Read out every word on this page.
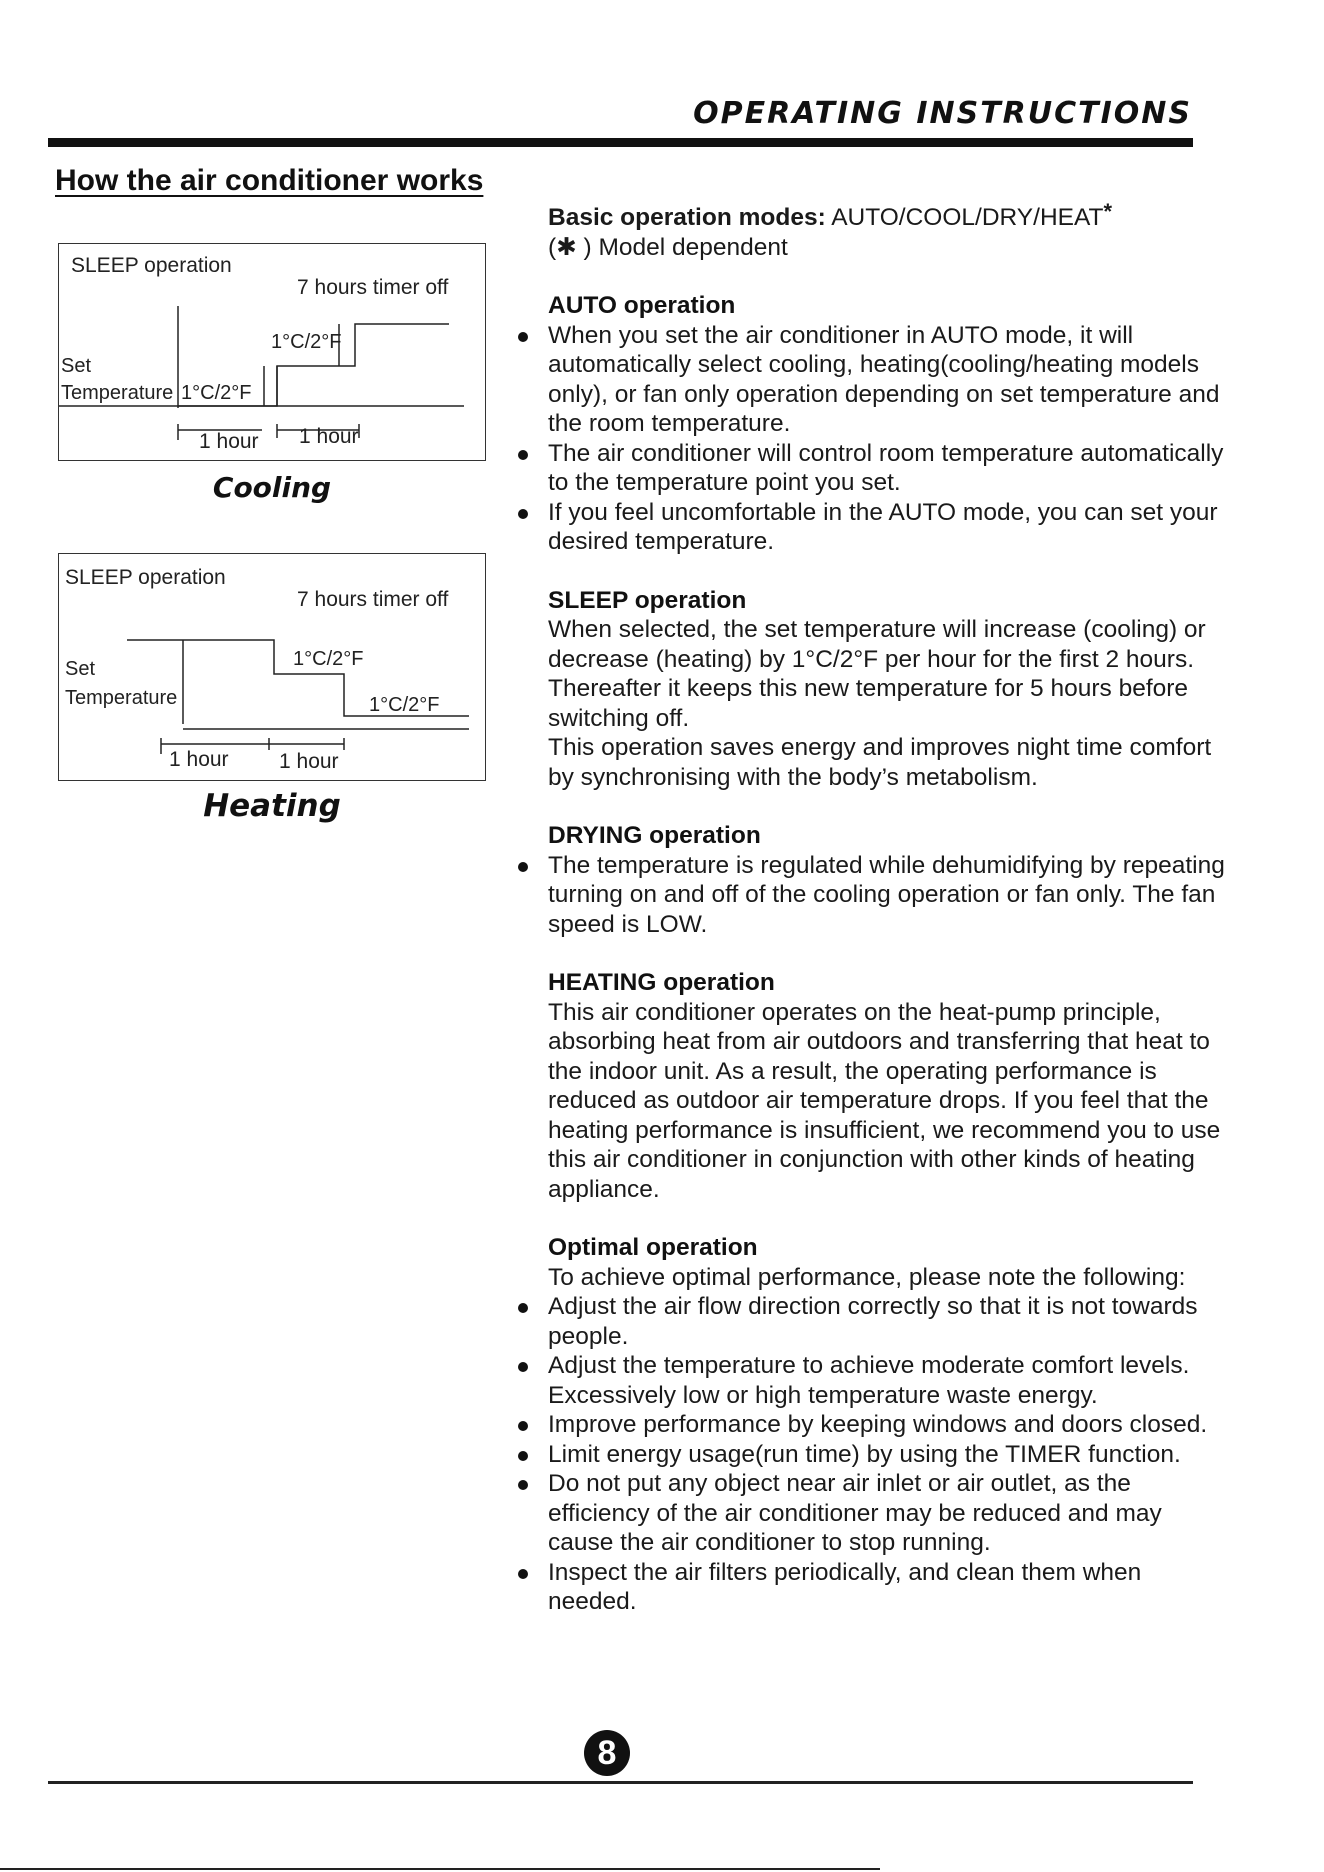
OPERATING INSTRUCTIONS
How the air conditioner works
SLEEP operation
7 hours timer off
Set
Temperature 1°C/2°F
1°C/2°F
1 hour 1 hour
Cooling
SLEEP operation
7 hours timer off
Set
Temperature
1°C/2°F
1°C/2°F
1 hour 1 hour
Heating

Basic operation modes: AUTO/COOL/DRY/HEAT*

(✱ ) Model dependent

AUTO operation
When you set the air conditioner in AUTO mode, it will automatically select cooling, heating(cooling/heating models only), or fan only operation depending on set temperature and the room temperature.
The air conditioner will control room temperature automatically to the temperature point you set.
If you feel uncomfortable in the AUTO mode, you can set your desired temperature.
SLEEP operation

When selected, the set temperature will increase (cooling) or decrease (heating) by 1°C/2°F per hour for the first 2 hours. Thereafter it keeps this new temperature for 5 hours before switching off.

This operation saves energy and improves night time comfort by synchronising with the body’s metabolism.

DRYING operation
The temperature is regulated while dehumidifying by repeating turning on and off of the cooling operation or fan only. The fan speed is LOW.
HEATING operation

This air conditioner operates on the heat-pump principle, absorbing heat from air outdoors and transferring that heat to the indoor unit. As a result, the operating performance is reduced as outdoor air temperature drops. If you feel that the heating performance is insufficient, we recommend you to use this air conditioner in conjunction with other kinds of heating appliance.

Optimal operation

To achieve optimal performance, please note the following:

Adjust the air flow direction correctly so that it is not towards people.
Adjust the temperature to achieve moderate comfort levels. Excessively low or high temperature waste energy.
Improve performance by keeping windows and doors closed.
Limit energy usage(run time) by using the TIMER function.
Do not put any object near air inlet or air outlet, as the efficiency of the air conditioner may be reduced and may cause the air conditioner to stop running.
Inspect the air filters periodically, and clean them when needed.
8
